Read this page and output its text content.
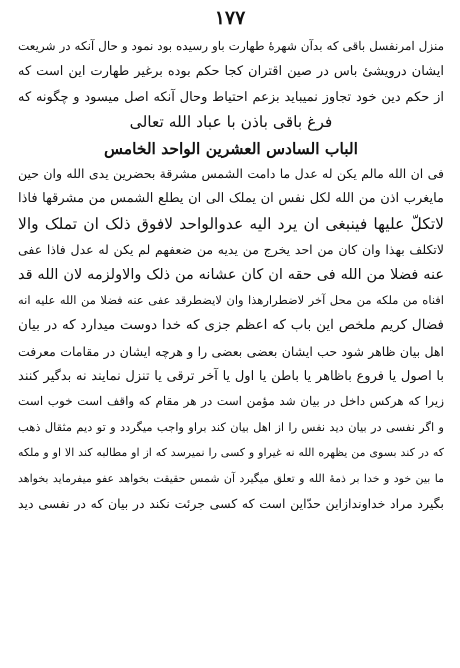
١٧٧
منزل امرنفسل باقی که بدآن شهرهٔ طهارت باو رسیده بود نمود و حال آنکه در شریعت
ایشان درویشیٔ باس در صین اقتران کجا حکم بوده برغیر طهارت این است که
از حکم دین خود تجاوز نمیباید بزعم احتیاط وحال آنکه اصل میسود و چگونه که
فرغ باقی باذن با عباد الله تعالی
الباب السادس العشرین الواحد الخامس
فی ان الله مالم یکن له عدل ما دامت الشمس مشرقة بحضرین یدی الله وان حین
مایغرب اذن من الله لکل نفس ان یملک الی ان یطلع الشمس من مشرقها فاذا
لاتکلّ علیها فینبغی ان یرد الیه عدوالواحد لافوق ذلک ان تملک والا
لاتکلف بهذا وان کان من احد یخرج من یدیه من ضعفهم لم یکن له عدل فاذا عفی
عنه فضلا من الله فی حقه ان کان عشانه من ذلک والاولزمه لان الله قد
افناه من ملکه من محل آخر لاضطرارهذا وان لایضطرقد عفی عنه فضلا من الله علیه انه
فضال کریم ملخص این باب که اعظم جزی که خدا دوست میدارد که در بیان
اهل بیان ظاهر شود حب ایشان بعضی بعضی را و هرچه ایشان در مقامات معرفت
با اصول یا فروع باظاهر یا باطن یا اول یا آخر ترقی یا تنزل نمایند نه بدگیر کنند
زیرا که هرکس داخل در بیان شد مؤمن است در هر مقام که واقف است خوب است
و اگر نفسی در بیان دید نفس را از اهل بیان کند براو واجب میگردد و تو دیم مثقال ذهب
که در کند بسوی من یظهره الله نه غیراو و کسی را نمیرسد که از او مطالبه کند الا او و ملکه
ما بین خود و خدا بر ذمهٔ الله و تعلق میگیرد آن شمس حقیقت بخواهد عفو میفرماید بخواهد
بگیرد مراد خداوندازاین حدّاین است که کسی جرئت نکند در بیان که در نفسی دید
